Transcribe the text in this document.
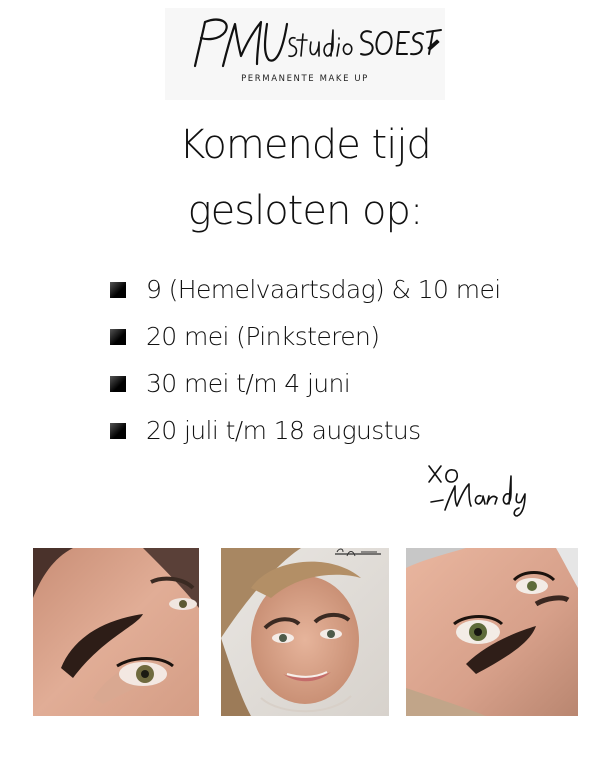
PERMANENTE MAKE UP
Komende tijd
gesloten op:
9 (Hemelvaartsdag) & 10 mei
20 mei (Pinksteren)
30 mei t/m 4 juni
20 juli t/m 18 augustus
